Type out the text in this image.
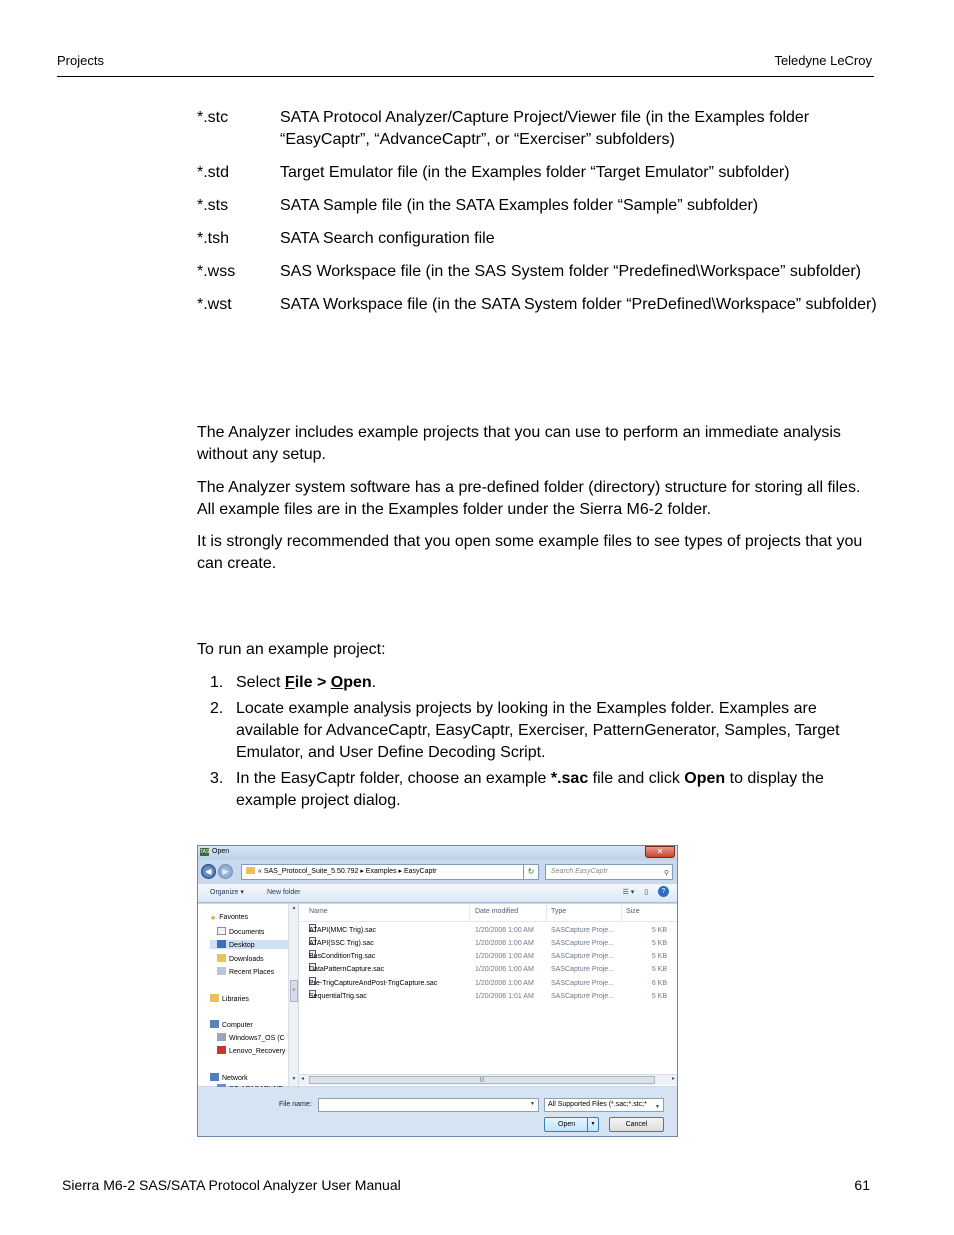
Projects	Teledyne LeCroy
*.stc	SATA Protocol Analyzer/Capture Project/Viewer file (in the Examples folder “EasyCaptr”, “AdvanceCaptr”, or “Exerciser” subfolders)
*.std	Target Emulator file (in the Examples folder “Target Emulator” subfolder)
*.sts	SATA Sample file (in the SATA Examples folder “Sample” subfolder)
*.tsh	SATA Search configuration file
*.wss	SAS Workspace file (in the SAS System folder “Predefined\Workspace” subfolder)
*.wst	SATA Workspace file (in the SATA System folder “PreDefined\Workspace” subfolder)

The Analyzer includes example projects that you can use to perform an immediate analysis without any setup.

The Analyzer system software has a pre-defined folder (directory) structure for storing all files. All example files are in the Examples folder under the Sierra M6-2 folder.

It is strongly recommended that you open some example files to see types of projects that you can create.

To run an example project:

1. Select File > Open.
2. Locate example analysis projects by looking in the Examples folder. Examples are available for AdvanceCaptr, EasyCaptr, Exerciser, PatternGenerator, Samples, Target Emulator, and User Define Decoding Script.
3. In the EasyCaptr folder, choose an example *.sac file and click Open to display the example project dialog.
TAS Open	✕
◀	▶	« SAS_Protocol_Suite_5.50.792 ▸ Examples ▸ EasyCaptr	↻	Search EasyCaptr	⚲
Organize ▾	New folder	☰ ▾ ▯ ?
★ Favorites
Documents
Desktop
Downloads
Recent Places
Libraries
Computer
Windows7_OS (C
Lenovo_Recovery
Network
▲
≡
▼
Name	Date modified	Type	Size
ATAPI(MMC Trig).sac	1/20/2006 1:00 AM SASCapture Proje...	5 KB
ATAPI(SSC Trig).sac	1/20/2006 1:00 AM SASCapture Proje...	5 KB
BusConditionTrig.sac	1/20/2006 1:00 AM SASCapture Proje...	5 KB
DataPatternCapture.sac	1/20/2006 1:00 AM SASCapture Proje...	5 KB
Pre-TrigCaptureAndPost-TrigCapture.sac	1/20/2006 1:00 AM SASCapture Proje...	6 KB
SequentialTrig.sac	1/20/2006 1:01 AM SASCapture Proje...	5 KB
◂	|||	▸
File name:	▼	All Supported Files (*.sac;*.stc;* ▼
Open	▼	Cancel
Sierra M6-2 SAS/SATA Protocol Analyzer User Manual	61
